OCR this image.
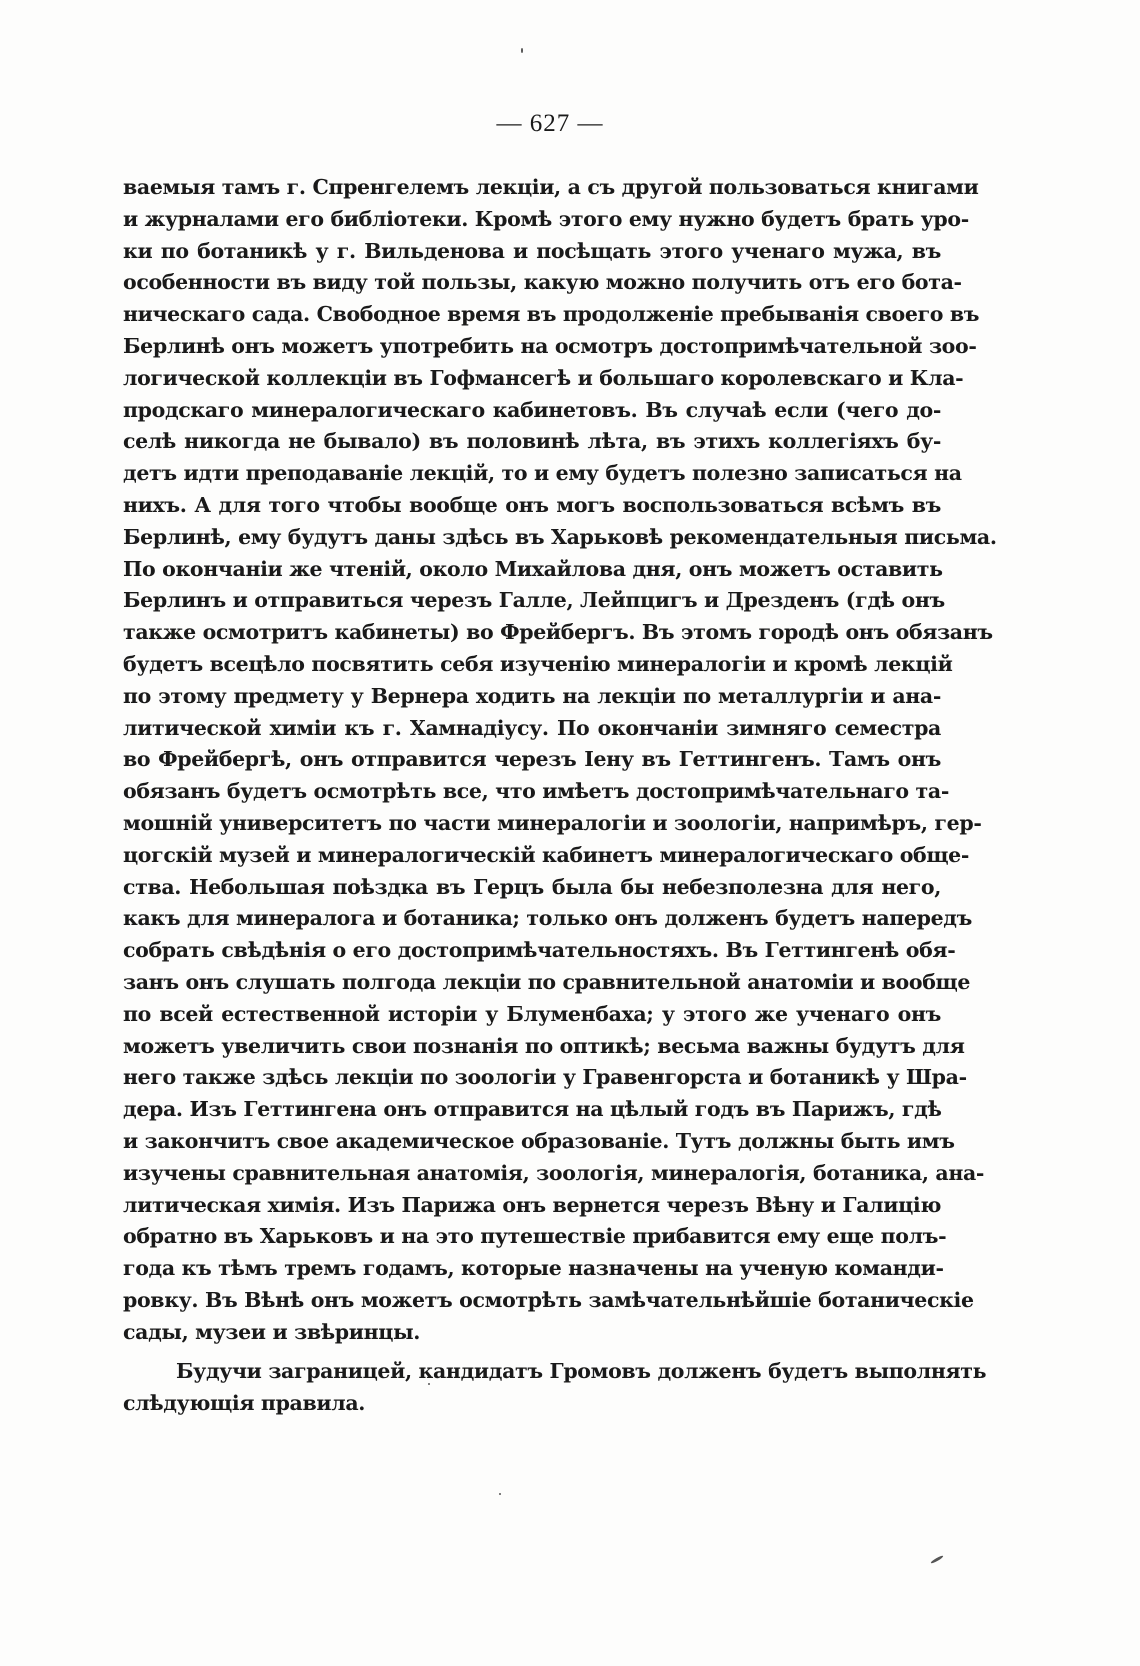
— 627 —
ваемыя тамъ г. Спренгелемъ лекціи, а съ другой пользоваться книгами
и журналами его библіотеки. Кромѣ этого ему нужно будетъ брать уро-
ки по ботаникѣ у г. Вильденова и посѣщать этого ученаго мужа, въ
особенности въ виду той пользы, какую можно получить отъ его бота-
ническаго сада. Свободное время въ продолженіе пребыванія своего въ
Берлинѣ онъ можетъ употребить на осмотръ достопримѣчательной зоо-
логической коллекціи въ Гофмансегѣ и большаго королевскаго и Кла-
продскаго минералогическаго кабинетовъ. Въ случаѣ если (чего до-
селѣ никогда не бывало) въ половинѣ лѣта, въ этихъ коллегіяхъ бу-
детъ идти преподаваніе лекцій, то и ему будетъ полезно записаться на
нихъ. А для того чтобы вообще онъ могъ воспользоваться всѣмъ въ
Берлинѣ, ему будутъ даны здѣсь въ Харьковѣ рекомендательныя письма.
По окончаніи же чтеній, около Михайлова дня, онъ можетъ оставить
Берлинъ и отправиться черезъ Галле, Лейпцигъ и Дрезденъ (гдѣ онъ
также осмотритъ кабинеты) во Фрейбергъ. Въ этомъ городѣ онъ обязанъ
будетъ всецѣло посвятить себя изученію минералогіи и кромѣ лекцій
по этому предмету у Вернера ходить на лекціи по металлургіи и ана-
литической химіи къ г. Хамнадіусу. По окончаніи зимняго семестра
во Фрейбергѣ, онъ отправится черезъ Іену въ Геттингенъ. Тамъ онъ
обязанъ будетъ осмотрѣть все, что имѣетъ достопримѣчательнаго та-
мошній университетъ по части минералогіи и зоологіи, напримѣръ, гер-
цогскій музей и минералогическій кабинетъ минералогическаго обще-
ства. Небольшая поѣздка въ Герцъ была бы небезполезна для него,
какъ для минералога и ботаника; только онъ долженъ будетъ напередъ
собрать свѣдѣнія о его достопримѣчательностяхъ. Въ Геттингенѣ обя-
занъ онъ слушать полгода лекціи по сравнительной анатоміи и вообще
по всей естественной исторіи у Блуменбаха; у этого же ученаго онъ
можетъ увеличить свои познанія по оптикѣ; весьма важны будутъ для
него также здѣсь лекціи по зоологіи у Гравенгорста и ботаникѣ у Шра-
дера. Изъ Геттингена онъ отправится на цѣлый годъ въ Парижъ, гдѣ
и закончитъ свое академическое образованіе. Тутъ должны быть имъ
изучены сравнительная анатомія, зоологія, минералогія, ботаника, ана-
литическая химія. Изъ Парижа онъ вернется черезъ Вѣну и Галицію
обратно въ Харьковъ и на это путешествіе прибавится ему еще полъ-
года къ тѣмъ тремъ годамъ, которые назначены на ученую команди-
ровку. Въ Вѣнѣ онъ можетъ осмотрѣть замѣчательнѣйшіе ботаническіе
сады, музеи и звѣринцы.
Будучи заграницей, кандидатъ Громовъ долженъ будетъ выполнять
слѣдующія правила.
